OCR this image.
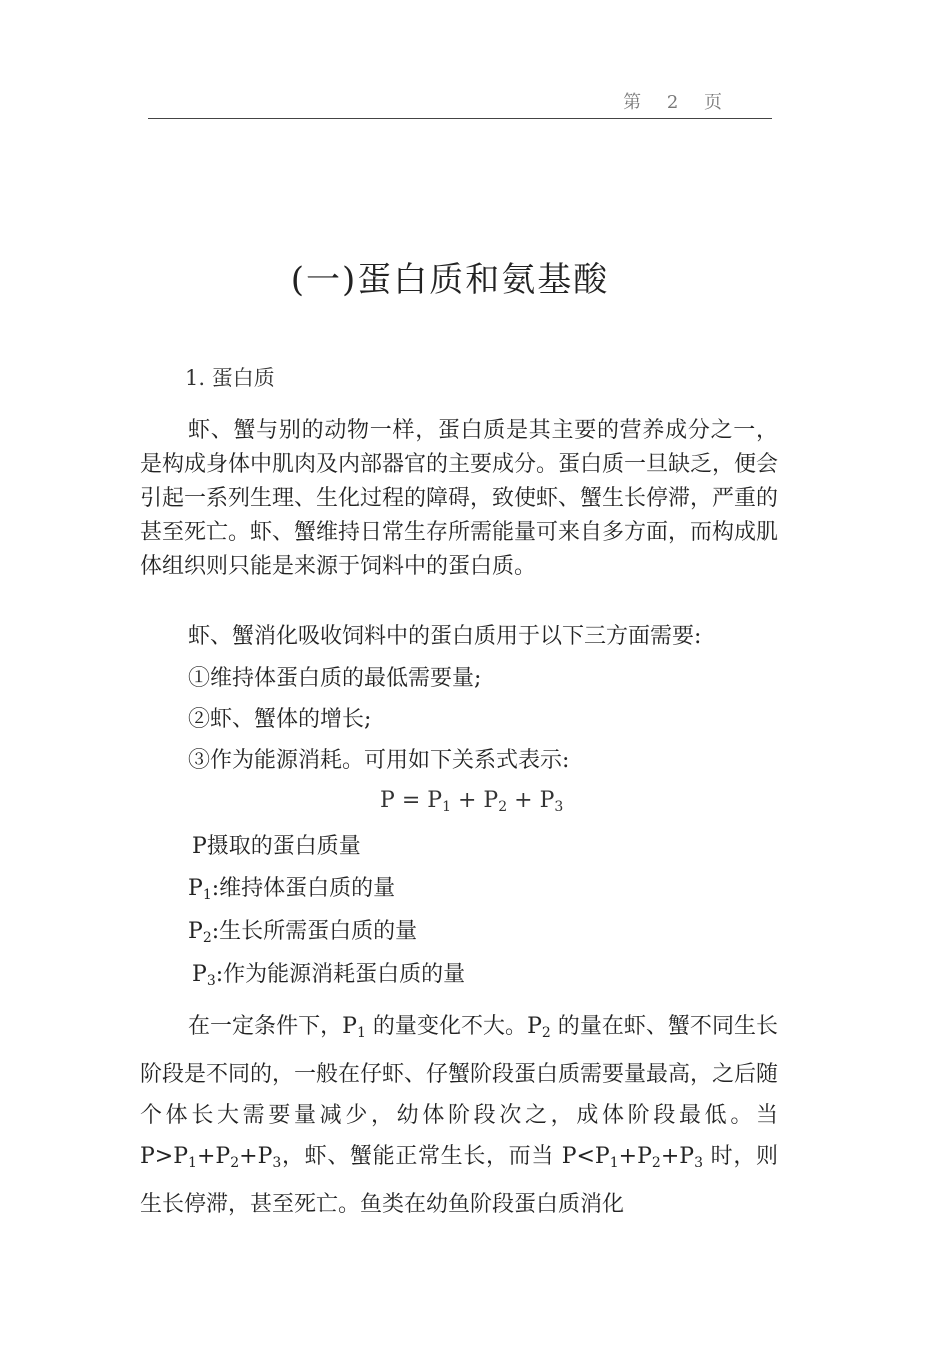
第 2 页
(一)蛋白质和氨基酸
1. 蛋白质

虾、蟹与别的动物一样，蛋白质是其主要的营养成分之一，是构成身体中肌肉及内部器官的主要成分。蛋白质一旦缺乏，便会引起一系列生理、生化过程的障碍，致使虾、蟹生长停滞，严重的甚至死亡。虾、蟹维持日常生存所需能量可来自多方面，而构成肌体组织则只能是来源于饲料中的蛋白质。

虾、蟹消化吸收饲料中的蛋白质用于以下三方面需要:
①维持体蛋白质的最低需要量;
②虾、蟹体的增长;
③作为能源消耗。可用如下关系式表示:
$P = P_1 + P_2 + P_3$
P摄取的蛋白质量
$P_1$:维持体蛋白质的量
$P_2$:生长所需蛋白质的量
$P_3$:作为能源消耗蛋白质的量

在一定条件下，$P_1$ 的量变化不大。$P_2$ 的量在虾、蟹不同生长阶段是不同的，一般在仔虾、仔蟹阶段蛋白质需要量最高，之后随个体长大需要量减少，幼体阶段次之，成体阶段最低。当 $P>P_1+P_2+P_3$，虾、蟹能正常生长，而当 $P<P_1+P_2+P_3$ 时，则生长停滞，甚至死亡。鱼类在幼鱼阶段蛋白质消化
